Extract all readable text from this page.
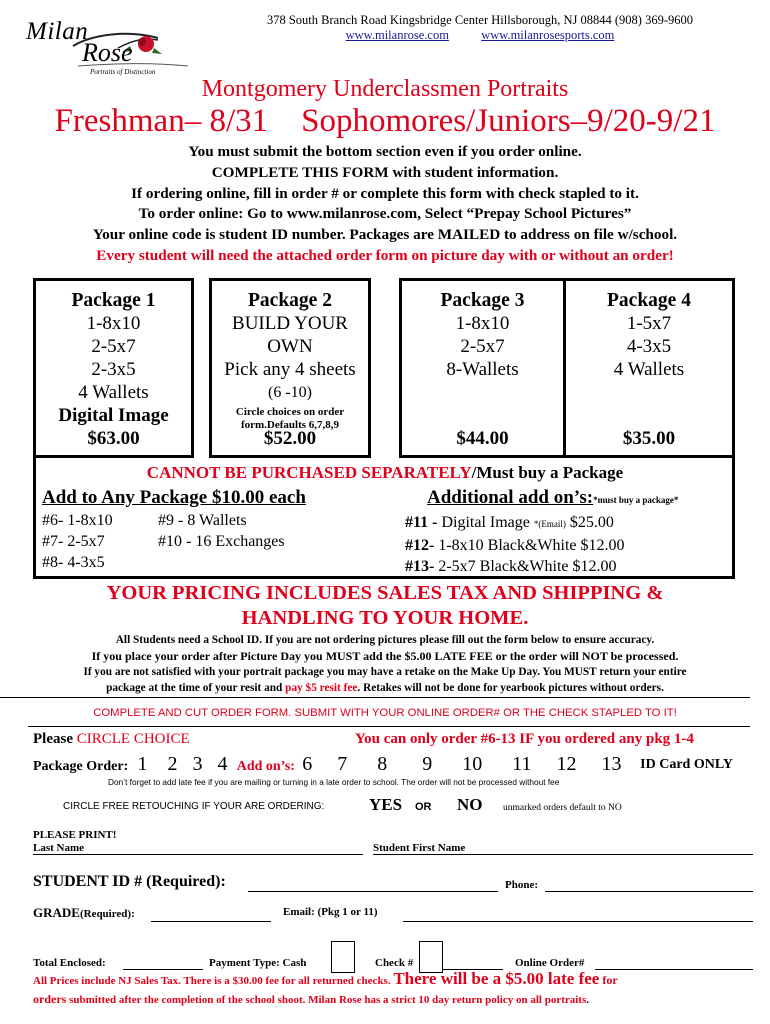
Milan
Rose
Portraits of Distinction
378 South Branch Road Kingsbridge Center Hillsborough, NJ 08844 (908) 369-9600
www.milanrose.com	www.milanrosesports.com
Montgomery Underclassmen Portraits
Freshman– 8/31    Sophomores/Juniors–9/20-9/21
You must submit the bottom section even if you order online.
COMPLETE THIS FORM with student information.
If ordering online, fill in order # or complete this form with check stapled to it.
To order online: Go to www.milanrose.com, Select “Prepay School Pictures”
Your online code is student ID number. Packages are MAILED to address on file w/school.
Every student will need the attached order form on picture day with or without an order!
Package 1
1-8x10
2-5x7
2-3x5
4 Wallets
Digital Image
$63.00
Package 2
BUILD YOUR
OWN
Pick any 4 sheets
(6 -10)
Circle choices on order form.Defaults 6,7,8,9
$52.00
Package 3
1-8x10
2-5x7
8-Wallets
$44.00
Package 4
1-5x7
4-3x5
4 Wallets
$35.00
CANNOT BE PURCHASED SEPARATELY/Must buy a Package
Add to Any Package $10.00 each
#6- 1-8x10
#7- 2-5x7
#8- 4-3x5
#9 - 8 Wallets
#10 - 16 Exchanges
Additional add on’s:*must buy a package*
#11 - Digital Image *(Email) $25.00
#12- 1-8x10 Black&White $12.00
#13- 2-5x7 Black&White $12.00
YOUR PRICING INCLUDES SALES TAX AND SHIPPING &
HANDLING TO YOUR HOME.
All Students need a School ID. If you are not ordering pictures please fill out the form below to ensure accuracy.
If you place your order after Picture Day you MUST add the $5.00 LATE FEE or the order will NOT be processed.
If you are not satisfied with your portrait package you may have a retake on the Make Up Day. You MUST return your entire
package at the time of your resit and pay $5 resit fee. Retakes will not be done for yearbook pictures without orders.
COMPLETE AND CUT ORDER FORM. SUBMIT WITH YOUR ONLINE ORDER# OR THE CHECK STAPLED TO IT!
Please CIRCLE CHOICE	You can only order #6-13 IF you ordered any pkg 1-4
Package Order: 1    2   3   4 Add on’s: 6     7      8       9      10      11     12     13 ID Card ONLY
Don’t forget to add late fee if you are mailing or turning in a late order to school. The order will not be processed without fee
CIRCLE FREE RETOUCHING IF YOUR ARE ORDERING:	YES OR NO unmarked orders default to NO
PLEASE PRINT!
Last Name	Student First Name
STUDENT ID # (Required):	Phone:
GRADE(Required):	Email: (Pkg 1 or 11)
Total Enclosed:	Payment Type: Cash	Check #	Online Order#
All Prices include NJ Sales Tax. There is a $30.00 fee for all returned checks. There will be a $5.00 late fee for
orders submitted after the completion of the school shoot. Milan Rose has a strict 10 day return policy on all portraits.
